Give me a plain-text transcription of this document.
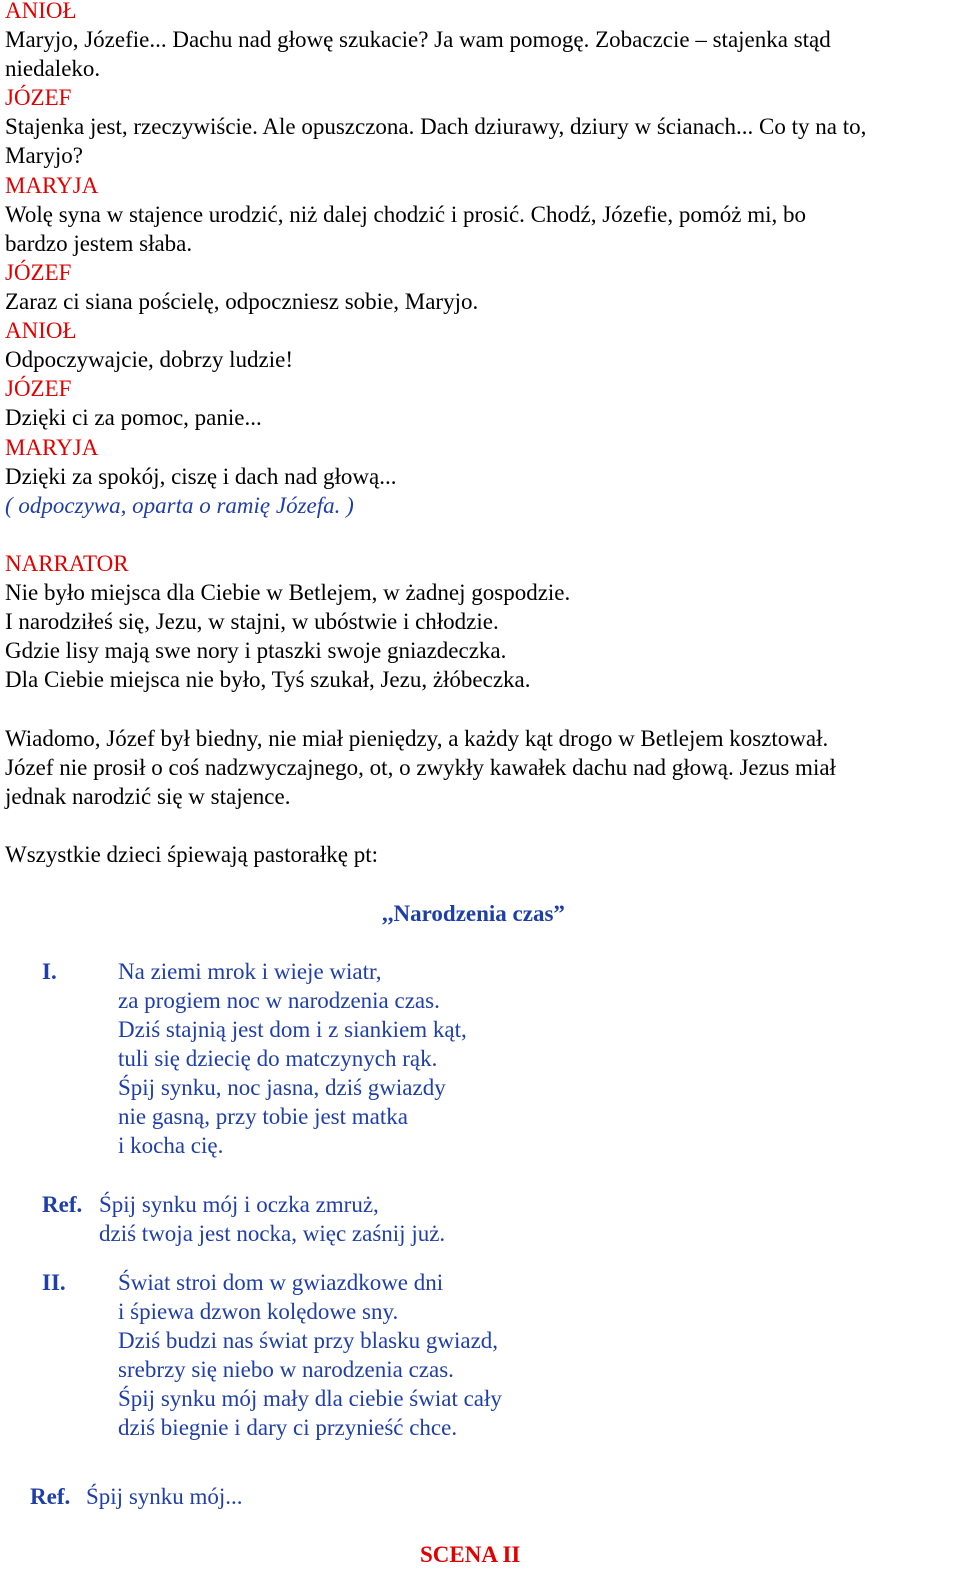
ANIOŁ
Maryjo, Józefie... Dachu nad głowę szukacie? Ja wam pomogę. Zobaczcie – stajenka stąd
niedaleko.
JÓZEF
Stajenka jest, rzeczywiście. Ale opuszczona. Dach dziurawy, dziury w ścianach... Co ty na to,
Maryjo?
MARYJA
Wolę syna w stajence urodzić, niż dalej chodzić i prosić. Chodź, Józefie, pomóż mi, bo
bardzo jestem słaba.
JÓZEF
Zaraz ci siana pościelę, odpoczniesz sobie, Maryjo.
ANIOŁ
Odpoczywajcie, dobrzy ludzie!
JÓZEF
Dzięki ci za pomoc, panie...
MARYJA
Dzięki za spokój, ciszę i dach nad głową...
( odpoczywa, oparta o ramię Józefa. )
NARRATOR
Nie było miejsca dla Ciebie w Betlejem, w żadnej gospodzie.
I narodziłeś się, Jezu, w stajni, w ubóstwie i chłodzie.
Gdzie lisy mają swe nory i ptaszki swoje gniazdeczka.
Dla Ciebie miejsca nie było, Tyś szukał, Jezu, żłóbeczka.
Wiadomo, Józef był biedny, nie miał pieniędzy, a każdy kąt drogo w Betlejem kosztował.
Józef nie prosił o coś nadzwyczajnego, ot, o zwykły kawałek dachu nad głową. Jezus miał
jednak narodzić się w stajence.
Wszystkie dzieci śpiewają pastorałkę pt:
,,Narodzenia czas”
I.	Na ziemi mrok i wieje wiatr,
za progiem noc w narodzenia czas.
Dziś stajnią jest dom i z siankiem kąt,
tuli się dziecię do matczynych rąk.
Śpij synku, noc jasna, dziś gwiazdy
nie gasną, przy tobie jest matka
i kocha cię.
Ref. Śpij synku mój i oczka zmruż,
dziś twoja jest nocka, więc zaśnij już.
II. Świat stroi dom w gwiazdkowe dni
i śpiewa dzwon kolędowe sny.
Dziś budzi nas świat przy blasku gwiazd,
srebrzy się niebo w narodzenia czas.
Śpij synku mój mały dla ciebie świat cały
dziś biegnie i dary ci przynieść chce.
Ref. Śpij synku mój...
SCENA II
